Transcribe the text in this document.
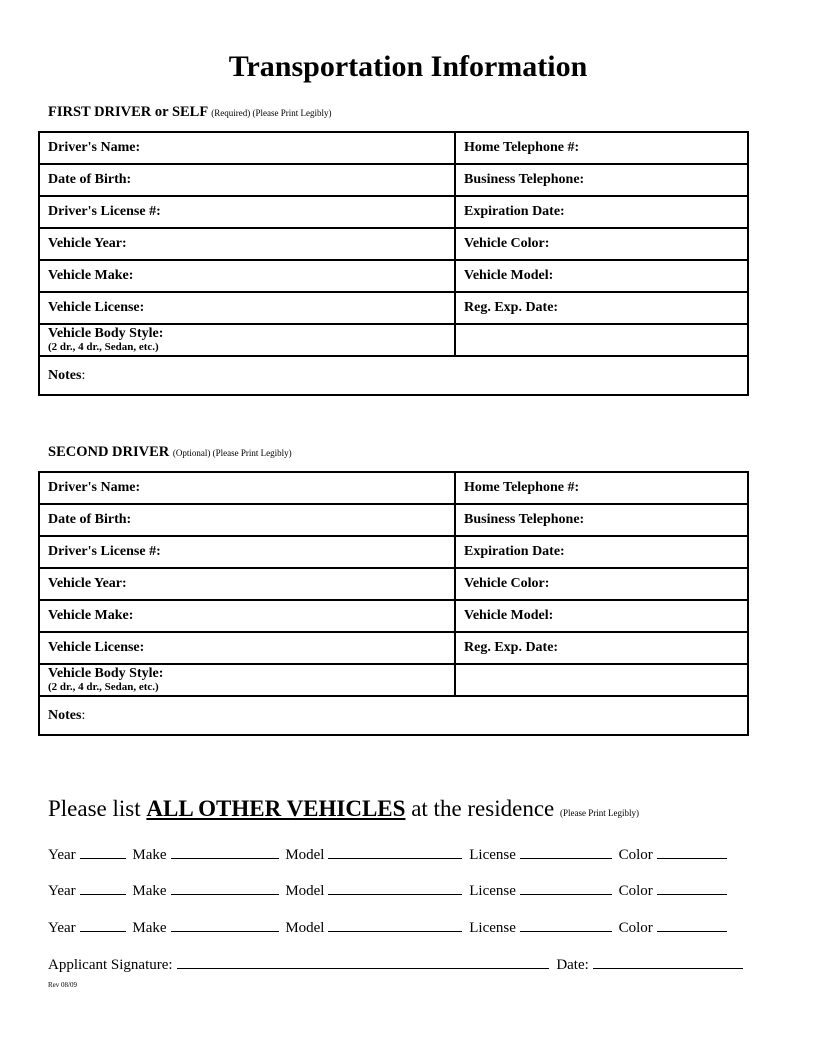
Transportation Information
FIRST DRIVER or SELF (Required) (Please Print Legibly)
Driver's Name:	Home Telephone #:
Date of Birth:	Business Telephone:
Driver's License #:	Expiration Date:
Vehicle Year:	Vehicle Color:
Vehicle Make:	Vehicle Model:
Vehicle License:	Reg. Exp. Date:

Vehicle Body Style:
(2 dr., 4 dr., Sedan, etc.)	

Notes:	
SECOND DRIVER (Optional) (Please Print Legibly)
Driver's Name:	Home Telephone #:
Date of Birth:	Business Telephone:
Driver's License #:	Expiration Date:
Vehicle Year:	Vehicle Color:
Vehicle Make:	Vehicle Model:
Vehicle License:	Reg. Exp. Date:

Vehicle Body Style:
(2 dr., 4 dr., Sedan, etc.)	

Notes:	
Please list ALL OTHER VEHICLES at the residence (Please Print Legibly)
Year	Make	Model	License	Color
Year	Make	Model	License	Color
Year	Make	Model	License	Color
Applicant Signature:	Date:
Rev 08/09
